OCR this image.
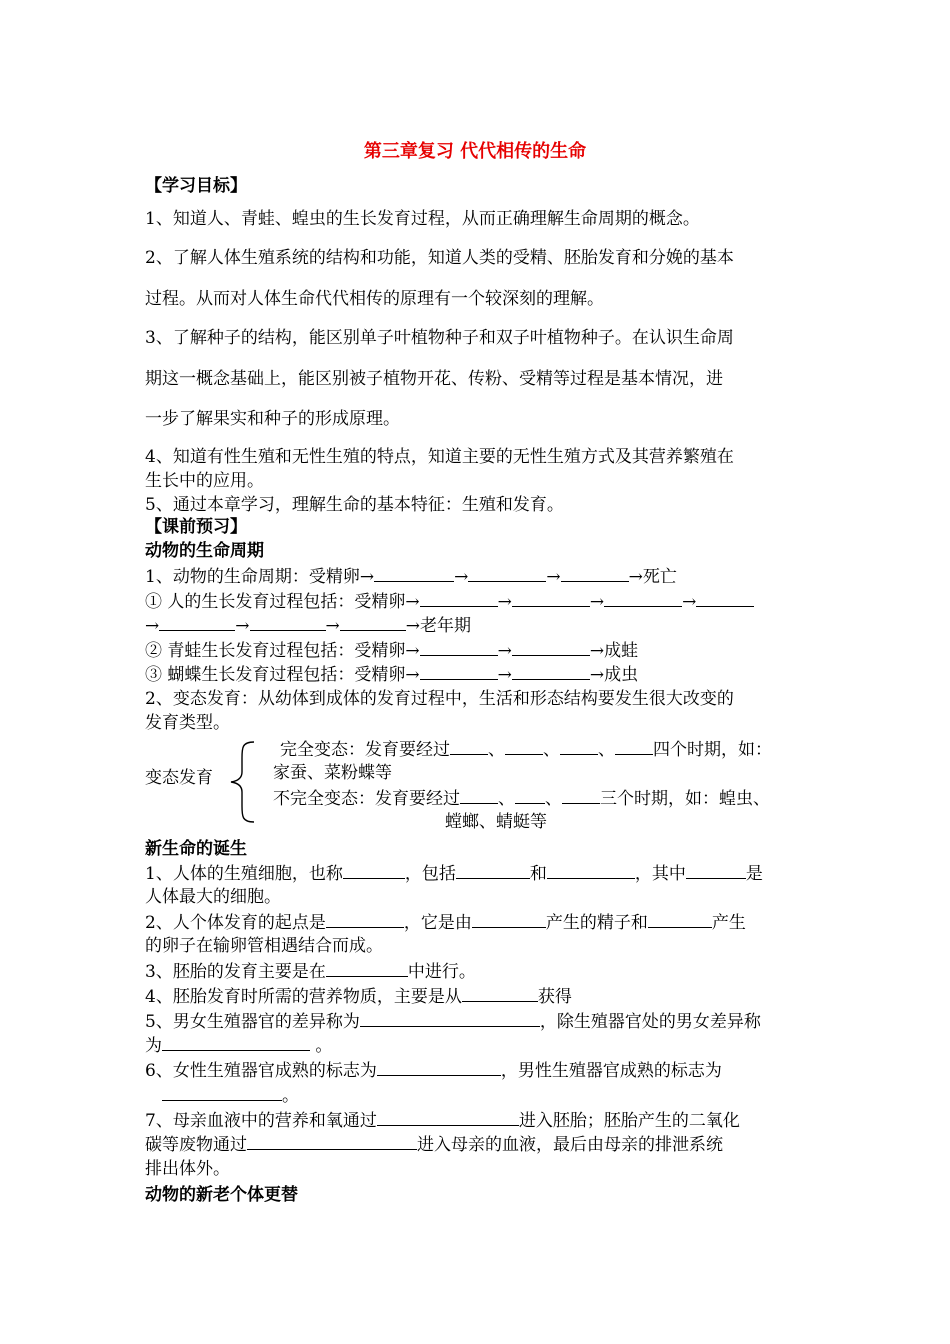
第三章复习 代代相传的生命
【学习目标】
1、知道人、青蛙、蝗虫的生长发育过程，从而正确理解生命周期的概念。
2、了解人体生殖系统的结构和功能，知道人类的受精、胚胎发育和分娩的基本
过程。从而对人体生命代代相传的原理有一个较深刻的理解。
3、了解种子的结构，能区别单子叶植物种子和双子叶植物种子。在认识生命周
期这一概念基础上，能区别被子植物开花、传粉、受精等过程是基本情况，进
一步了解果实和种子的形成原理。
4、知道有性生殖和无性生殖的特点，知道主要的无性生殖方式及其营养繁殖在
生长中的应用。
5、通过本章学习，理解生命的基本特征：生殖和发育。
【课前预习】
动物的生命周期
1、动物的生命周期：受精卵→	→	→	→死亡
① 人的生长发育过程包括：受精卵→	→	→	→
→	→	→	→老年期
② 青蛙生长发育过程包括：受精卵→	→	→成蛙
③ 蝴蝶生长发育过程包括：受精卵→	→	→成虫
2、变态发育：从幼体到成体的发育过程中，生活和形态结构要发生很大改变的
发育类型。
变态发育
完全变态：发育要经过 、 、 、 四个时期，如：
家蚕、菜粉蝶等
不完全变态：发育要经过 、 、 三个时期，如：蝗虫、
螳螂、蜻蜓等
新生命的诞生
1、人体的生殖细胞，也称	，包括	和	，其中	是
人体最大的细胞。
2、人个体发育的起点是	，它是由	产生的精子和	产生
的卵子在输卵管相遇结合而成。
3、胚胎的发育主要是在	中进行。
4、胚胎发育时所需的营养物质，主要是从	获得
5、男女生殖器官的差异称为	，除生殖器官处的男女差异称
为	。
6、女性生殖器官成熟的标志为	，男性生殖器官成熟的标志为
。
7、母亲血液中的营养和氧通过	进入胚胎；胚胎产生的二氧化
碳等废物通过	进入母亲的血液，最后由母亲的排泄系统
排出体外。
动物的新老个体更替
